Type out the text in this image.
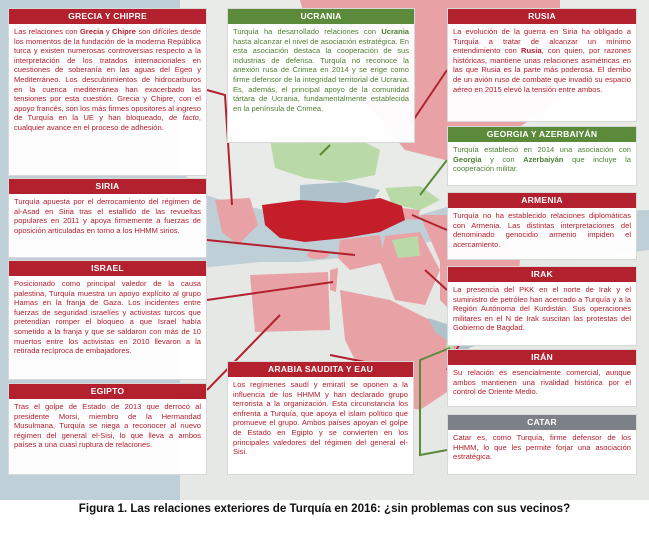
GRECIA Y CHIPRE
Las relaciones con Grecia y Chipre son difíciles desde los momentos de la fundación de la moderna República turca y existen numerosas controversias respecto a la interpretación de los tratados internacionales en cuestiones de soberanía en las aguas del Egeo y Mediterráneo. Los descubrimientos de hidrocarburos en la cuenca mediterránea han exacerbado las tensiones por esta cuestión. Grecia y Chipre, con el apoyo francés, son los más firmes opositores al ingreso de Turquía en la UE y han bloqueado, de facto, cualquier avance en el proceso de adhesión.
SIRIA
Turquía apuesta por el derrocamiento del régimen de al-Asad en Siria tras el estallido de las revueltas populares en 2011 y apoya firmemente a fuerzas de oposición articuladas en torno a los HHMM sirios.
ISRAEL
Posicionado como principal valedor de la causa palestina, Turquía muestra un apoyo explícito al grupo Hamas en la franja de Gaza. Los incidentes entre fuerzas de seguridad israelíes y activistas turcos que pretendían romper el bloqueo a que Israel había sometido a la franja y que se saldaron con más de 10 muertos entre los activistas en 2010 llevaron a la retirada recíproca de embajadores.
EGIPTO
Tras el golpe de Estado de 2013 que derrocó al presidente Morsi, miembro de la Hermandad Musulmana, Turquía se niega a reconocer al nuevo régimen del general el-Sisi, lo que lleva a ambos países a una cuasi ruptura de relaciones.
UCRANIA
Turquía ha desarrollado relaciones con Ucrania hasta alcanzar el nivel de asociación estratégica. En esta asociación destaca la cooperación de sus industrias de defensa. Turquía no reconoce la anexión rusa de Crimea en 2014 y se erige como firme defensor de la integridad territorial de Ucrania. Es, además, el principal apoyo de la comunidad tártara de Ucrania, fundamentalmente establecida en la península de Crimea.
ARABIA SAUDITA Y EAU
Los regímenes saudí y emiratí se oponen a la influencia de los HHMM y han declarado grupo terrorista a la organización. Esta circunstancia los enfrenta a Turquía, que apoya el islam político que promueve el grupo. Ambos países apoyan el golpe de Estado en Egipto y se convierten en los principales valedores del régimen del general el-Sisi.
RUSIA
La evolución de la guerra en Siria ha obligado a Turquía a tratar de alcanzar un mínimo entendimiento con Rusia, con quien, por razones históricas, mantiene unas relaciones asimétricas en las que Rusia es la parte más poderosa. El derribo de un avión ruso de combate que invadió su espacio aéreo en 2015 elevó la tensión entre ambos.
GEORGIA Y AZERBAIYÁN
Turquía estableció en 2014 una asociación con Georgia y con Azerbaiyán que incluye la cooperación militar.
ARMENIA
Turquía no ha establecido relaciones diplomáticas con Armenia. Las distintas interpretaciones del denominado genocidio armenio impiden el acercamiento.
IRAK
La presencia del PKK en el norte de Irak y el suministro de petróleo han acercado a Turquía y a la Región Autónoma del Kurdistán. Sus operaciones militares en el N de Irak suscitan las protestas del Gobierno de Bagdad.
IRÁN
Su relación es esencialmente comercial, aunque ambos mantienen una rivalidad histórica por el control de Oriente Medio.
CATAR
Catar es, como Turquía, firme defensor de los HHMM, lo que les permite forjar una asociación estratégica.
Figura 1. Las relaciones exteriores de Turquía en 2016: ¿sin problemas con sus vecinos?
